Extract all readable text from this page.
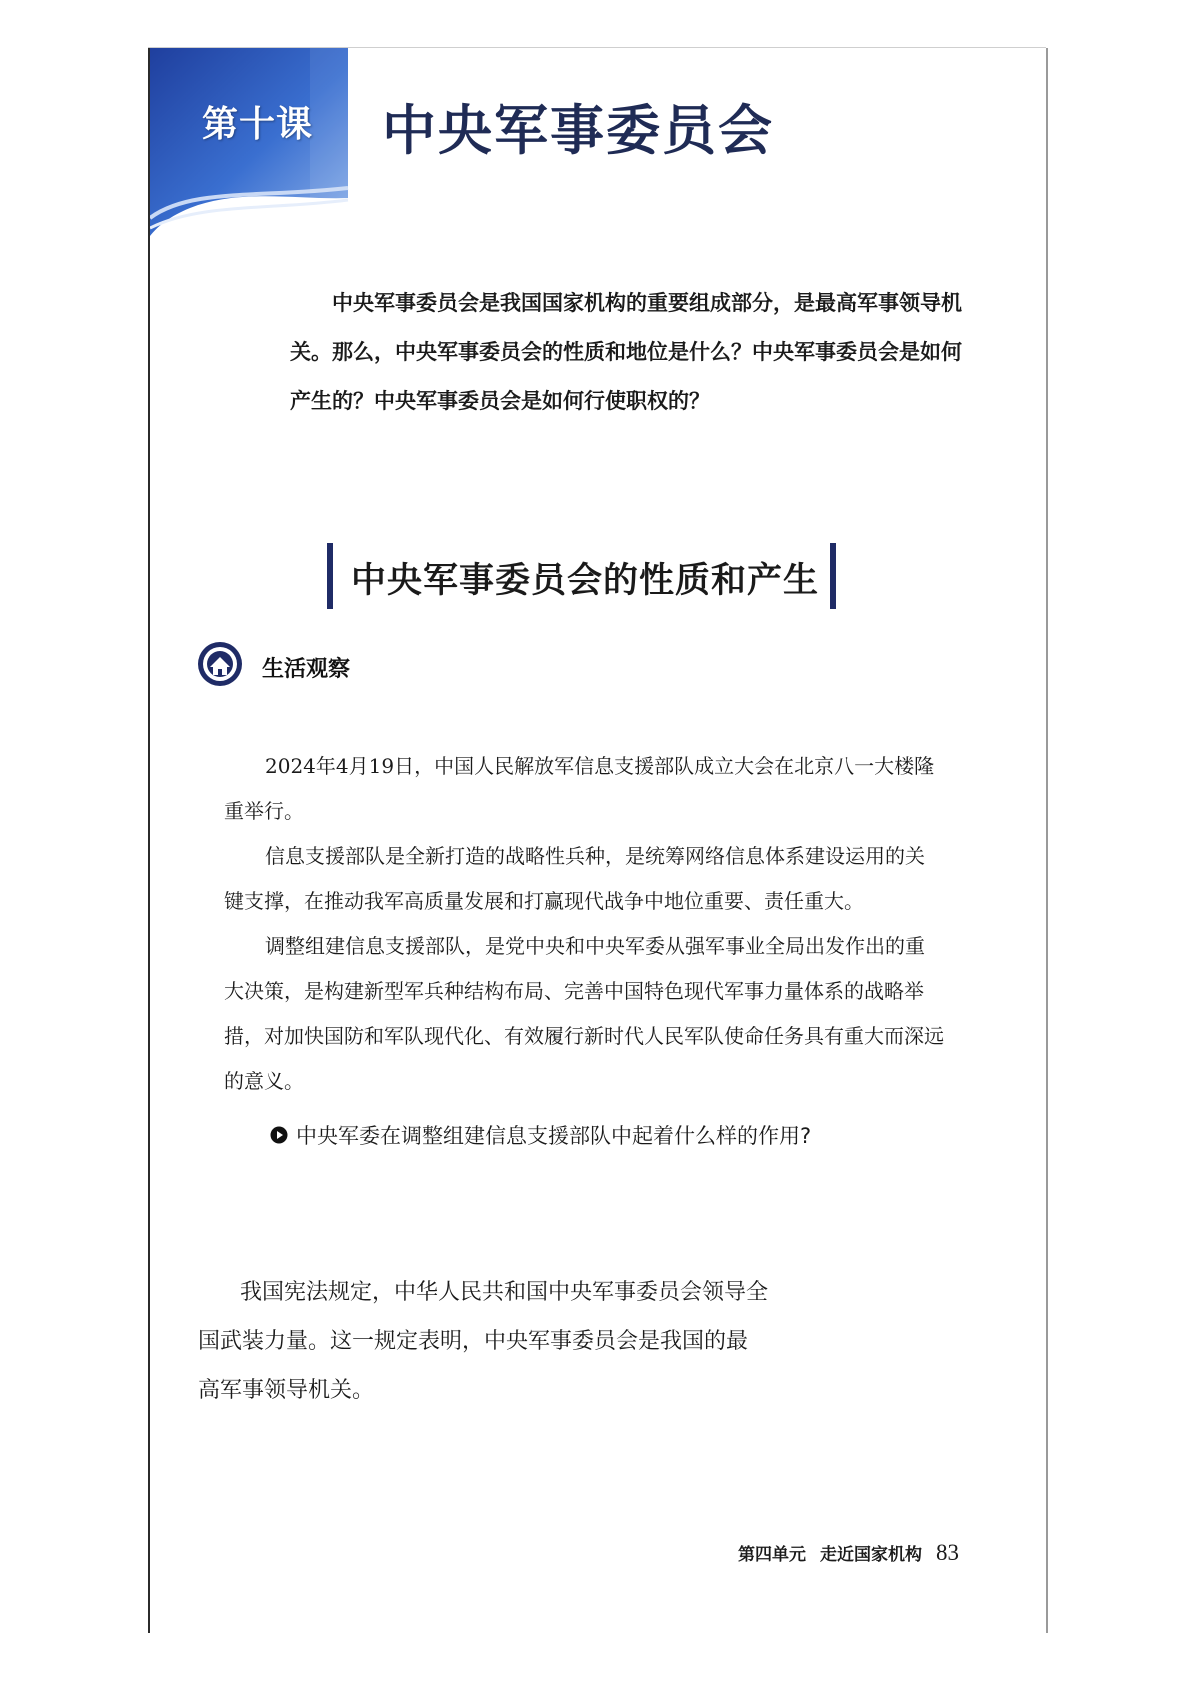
第十课 中央军事委员会
中央军事委员会是我国国家机构的重要组成部分，是最高军事领导机关。那么，中央军事委员会的性质和地位是什么？中央军事委员会是如何产生的？中央军事委员会是如何行使职权的？
中央军事委员会的性质和产生
生活观察

2024年4月19日，中国人民解放军信息支援部队成立大会在北京八一大楼隆重举行。

信息支援部队是全新打造的战略性兵种，是统筹网络信息体系建设运用的关键支撑，在推动我军高质量发展和打赢现代战争中地位重要、责任重大。

调整组建信息支援部队，是党中央和中央军委从强军事业全局出发作出的重大决策，是构建新型军兵种结构布局、完善中国特色现代军事力量体系的战略举措，对加快国防和军队现代化、有效履行新时代人民军队使命任务具有重大而深远的意义。

中央军委在调整组建信息支援部队中起着什么样的作用?
我国宪法规定，中华人民共和国中央军事委员会领导全国武装力量。这一规定表明，中央军事委员会是我国的最高军事领导机关。
第四单元 走近国家机构 83
